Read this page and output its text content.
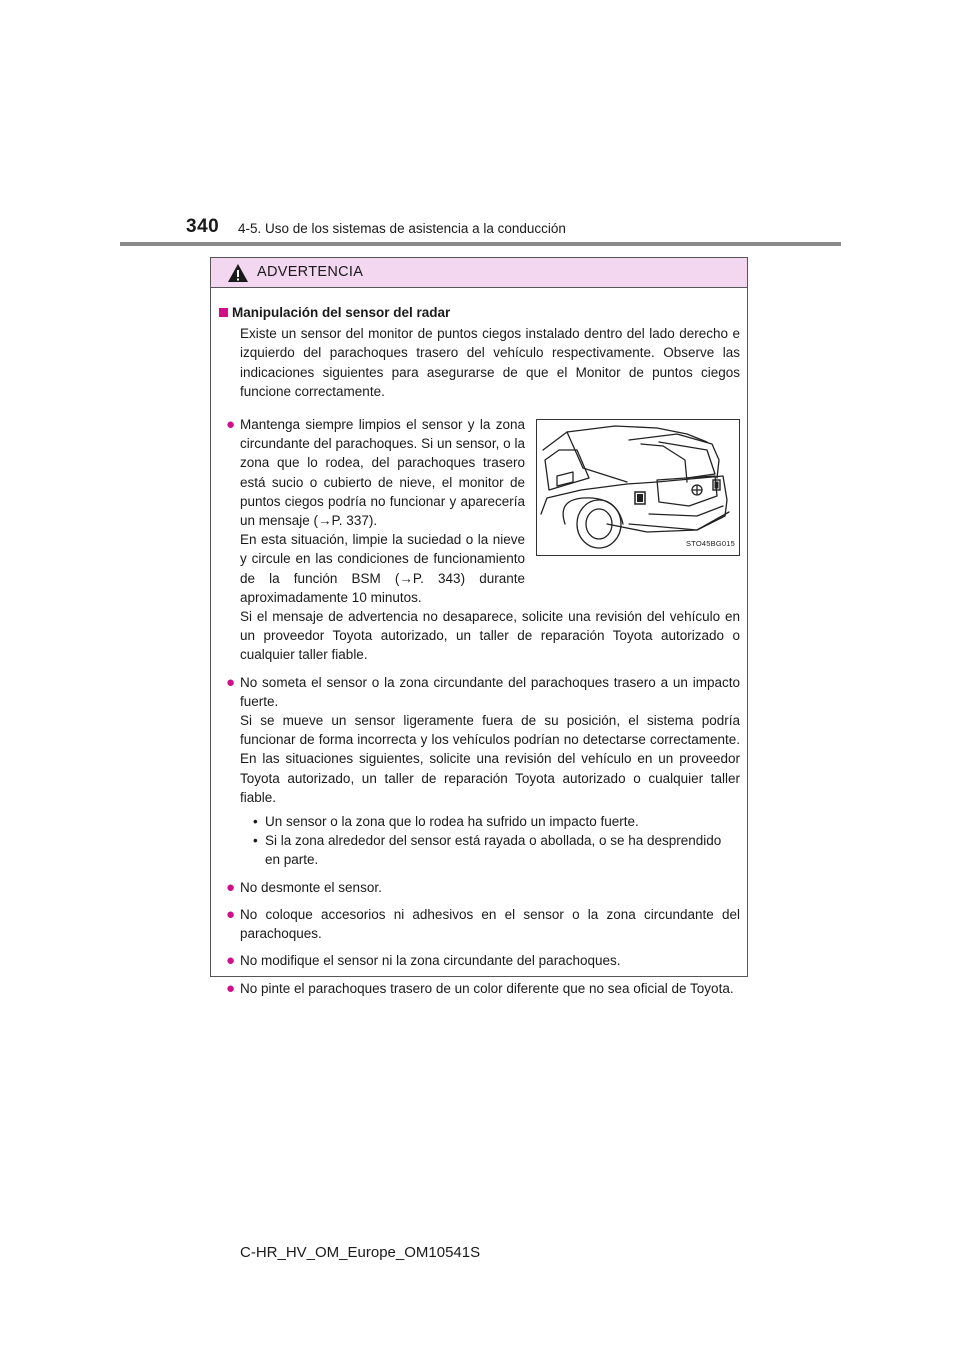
340 4-5. Uso de los sistemas de asistencia a la conducción
ADVERTENCIA
Manipulación del sensor del radar
Existe un sensor del monitor de puntos ciegos instalado dentro del lado derecho e izquierdo del parachoques trasero del vehículo respectivamente. Observe las indicaciones siguientes para asegurarse de que el Monitor de puntos ciegos funcione correctamente.
● Mantenga siempre limpios el sensor y la zona circundante del parachoques. Si un sensor, o la zona que lo rodea, del parachoques trasero está sucio o cubierto de nieve, el monitor de puntos ciegos podría no funcionar y aparecería un mensaje (→P. 337).
En esta situación, limpie la suciedad o la nieve y circule en las condiciones de funcionamiento de la función BSM (→P. 343) durante aproximadamente 10 minutos.
STO45BG015
Si el mensaje de advertencia no desaparece, solicite una revisión del vehículo en un proveedor Toyota autorizado, un taller de reparación Toyota autorizado o cualquier taller fiable.
● No someta el sensor o la zona circundante del parachoques trasero a un impacto fuerte.
Si se mueve un sensor ligeramente fuera de su posición, el sistema podría funcionar de forma incorrecta y los vehículos podrían no detectarse correctamente. En las situaciones siguientes, solicite una revisión del vehículo en un proveedor Toyota autorizado, un taller de reparación Toyota autorizado o cualquier taller fiable.
• Un sensor o la zona que lo rodea ha sufrido un impacto fuerte.
• Si la zona alrededor del sensor está rayada o abollada, o se ha desprendido en parte.
● No desmonte el sensor.
● No coloque accesorios ni adhesivos en el sensor o la zona circundante del parachoques.
● No modifique el sensor ni la zona circundante del parachoques.
● No pinte el parachoques trasero de un color diferente que no sea oficial de Toyota.
C-HR_HV_OM_Europe_OM10541S
